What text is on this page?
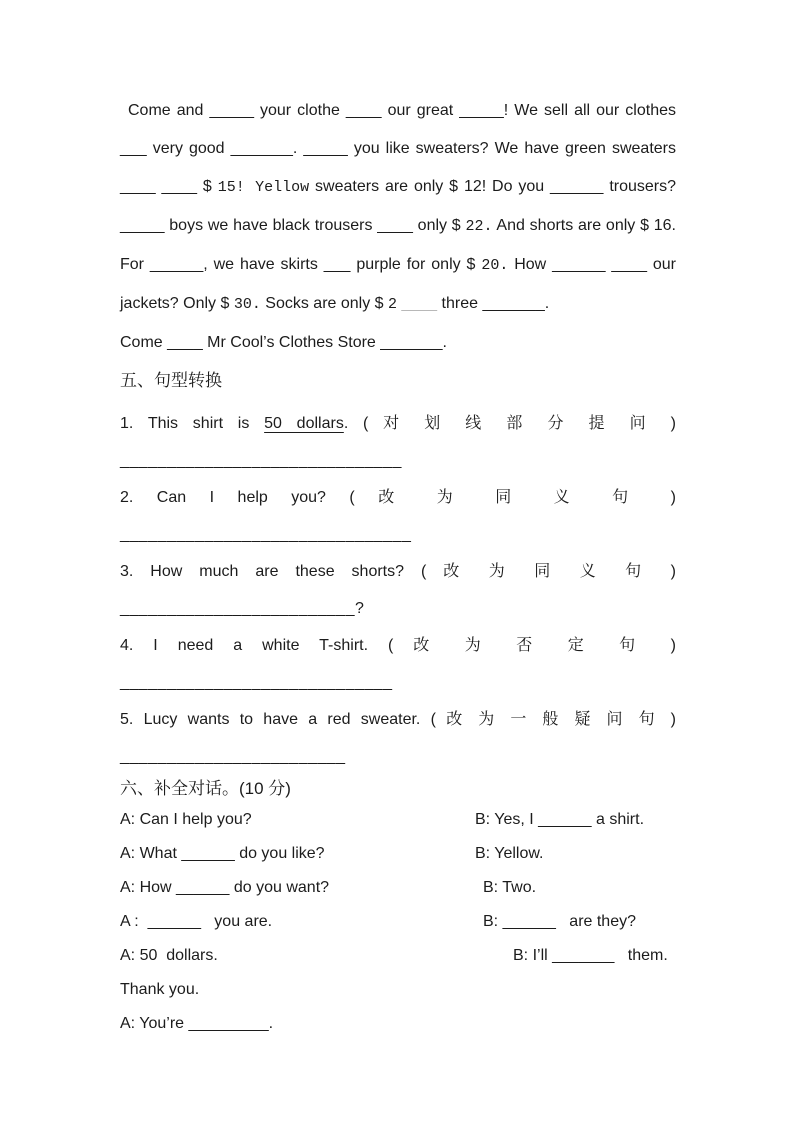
Come and _____ your clothe ____ our great _____! We sell all our clothes
___ very good _______. _____ you like sweaters? We have green sweaters
____ ____ $ 15! Yellow sweaters are only $ 12! Do you ______ trousers?
_____ boys we have black trousers ____ only $ 22. And shorts are only $ 16.
For ______, we have skirts ___ purple for only $ 20. How ______ ____ our
jackets? Only $ 30. Socks are only $ 2 ____ three _______.
Come ____ Mr Cool’s Clothes Store _______.
五、句型转换
1. This shirt is 50 dollars. ( 对 划 线 部 分 提 问 )
______________________________
2. Can I help you? ( 改 为 同 义 句 )
_______________________________
3. How much are these shorts? ( 改 为 同 义 句 )
_________________________?
4. I need a white T-shirt. ( 改 为 否 定 句 )
_____________________________
5. Lucy wants to have a red sweater. ( 改 为 一 般 疑 问 句 )
________________________
六、补全对话。(10 分)
A: Can I help you?	B: Yes, I ______ a shirt.
A: What ______ do you like?	B: Yellow.
A: How ______ do you want?	B: Two.
A :  ______   you are.	B: ______   are they?
A: 50  dollars.	B: I’ll _______   them.
Thank you.
A: You’re _________.
